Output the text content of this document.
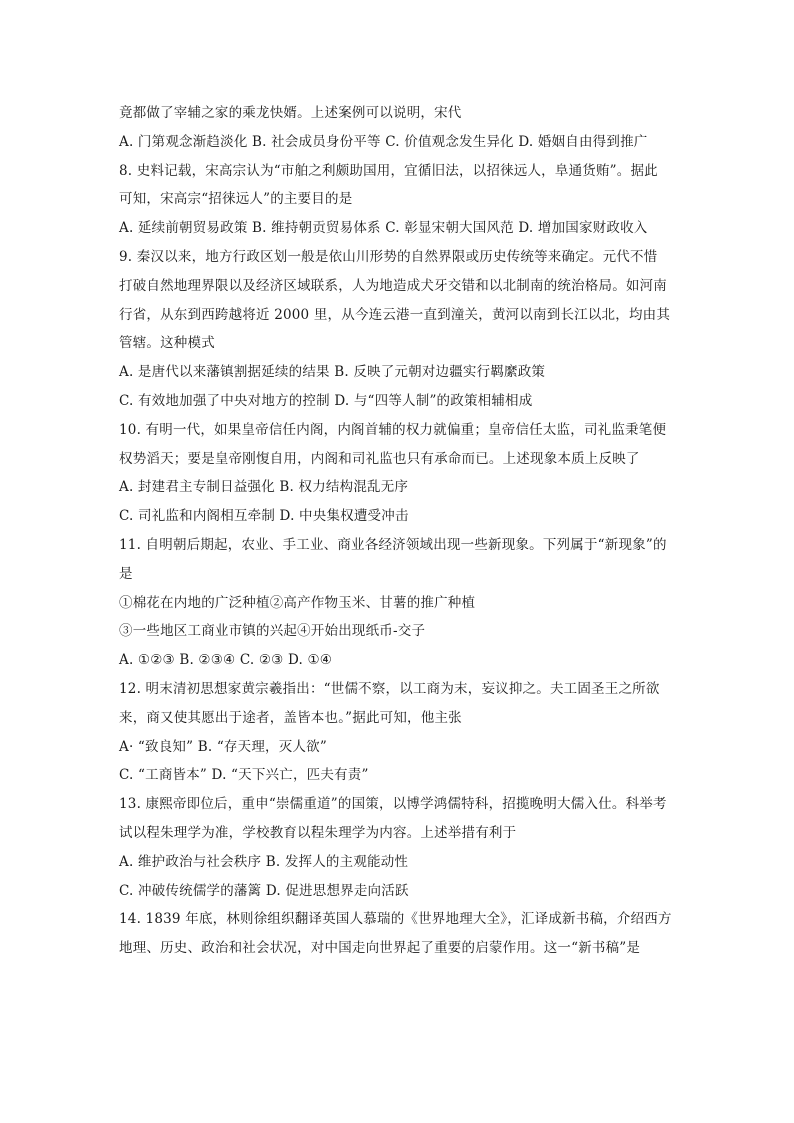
竟都做了宰辅之家的乘龙快婿。上述案例可以说明，宋代
A. 门第观念渐趋淡化 B. 社会成员身份平等 C. 价值观念发生异化 D. 婚姻自由得到推广
8. 史料记载，宋高宗认为“市舶之利颇助国用，宜循旧法，以招徕远人，阜通货贿”。据此
可知，宋高宗“招徕远人”的主要目的是
A. 延续前朝贸易政策 B. 维持朝贡贸易体系 C. 彰显宋朝大国风范 D. 增加国家财政收入
9. 秦汉以来，地方行政区划一般是依山川形势的自然界限或历史传统等来确定。元代不惜
打破自然地理界限以及经济区域联系，人为地造成犬牙交错和以北制南的统治格局。如河南
行省，从东到西跨越将近 2000 里，从今连云港一直到潼关，黄河以南到长江以北，均由其
管辖。这种模式
A. 是唐代以来藩镇割据延续的结果 B. 反映了元朝对边疆实行羁縻政策
C. 有效地加强了中央对地方的控制 D. 与“四等人制”的政策相辅相成
10. 有明一代，如果皇帝信任内阁，内阁首辅的权力就偏重；皇帝信任太监，司礼监秉笔便
权势滔天；要是皇帝刚愎自用，内阁和司礼监也只有承命而已。上述现象本质上反映了
A. 封建君主专制日益强化 B. 权力结构混乱无序
C. 司礼监和内阁相互牵制 D. 中央集权遭受冲击
11. 自明朝后期起，农业、手工业、商业各经济领域出现一些新现象。下列属于“新现象”的
是
①棉花在内地的广泛种植②高产作物玉米、甘薯的推广种植
③一些地区工商业市镇的兴起④开始出现纸币-交子
A. ①②③ B. ②③④ C. ②③ D. ①④
12. 明末清初思想家黄宗羲指出：“世儒不察，以工商为末，妄议抑之。夫工固圣王之所欲
来，商又使其愿出于途者，盖皆本也。”据此可知，他主张
A· “致良知” B. “存天理，灭人欲”
C. “工商皆本” D. “天下兴亡，匹夫有责”
13. 康熙帝即位后，重申“崇儒重道”的国策，以博学鸿儒特科，招揽晚明大儒入仕。科举考
试以程朱理学为准，学校教育以程朱理学为内容。上述举措有利于
A. 维护政治与社会秩序 B. 发挥人的主观能动性
C. 冲破传统儒学的藩篱 D. 促进思想界走向活跃
14. 1839 年底，林则徐组织翻译英国人慕瑞的《世界地理大全》，汇译成新书稿，介绍西方
地理、历史、政治和社会状况，对中国走向世界起了重要的启蒙作用。这一“新书稿”是
